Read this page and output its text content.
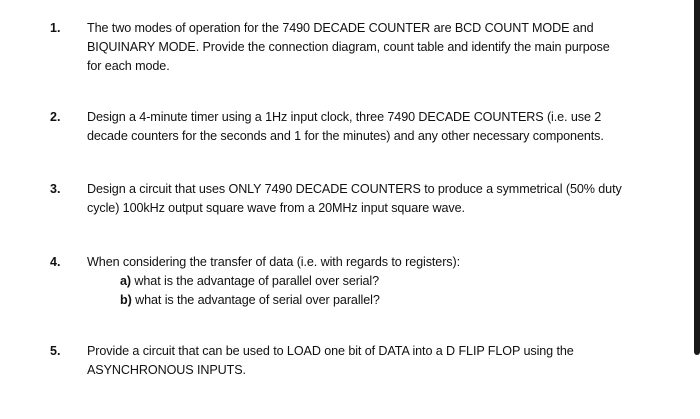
1. The two modes of operation for the 7490 DECADE COUNTER are BCD COUNT MODE and
BIQUINARY MODE. Provide the connection diagram, count table and identify the main purpose
for each mode.
2. Design a 4-minute timer using a 1Hz input clock, three 7490 DECADE COUNTERS (i.e. use 2
decade counters for the seconds and 1 for the minutes) and any other necessary components.
3. Design a circuit that uses ONLY 7490 DECADE COUNTERS to produce a symmetrical (50% duty
cycle) 100kHz output square wave from a 20MHz input square wave.
4. When considering the transfer of data (i.e. with regards to registers):
a) what is the advantage of parallel over serial?
b) what is the advantage of serial over parallel?
5. Provide a circuit that can be used to LOAD one bit of DATA into a D FLIP FLOP using the
ASYNCHRONOUS INPUTS.
